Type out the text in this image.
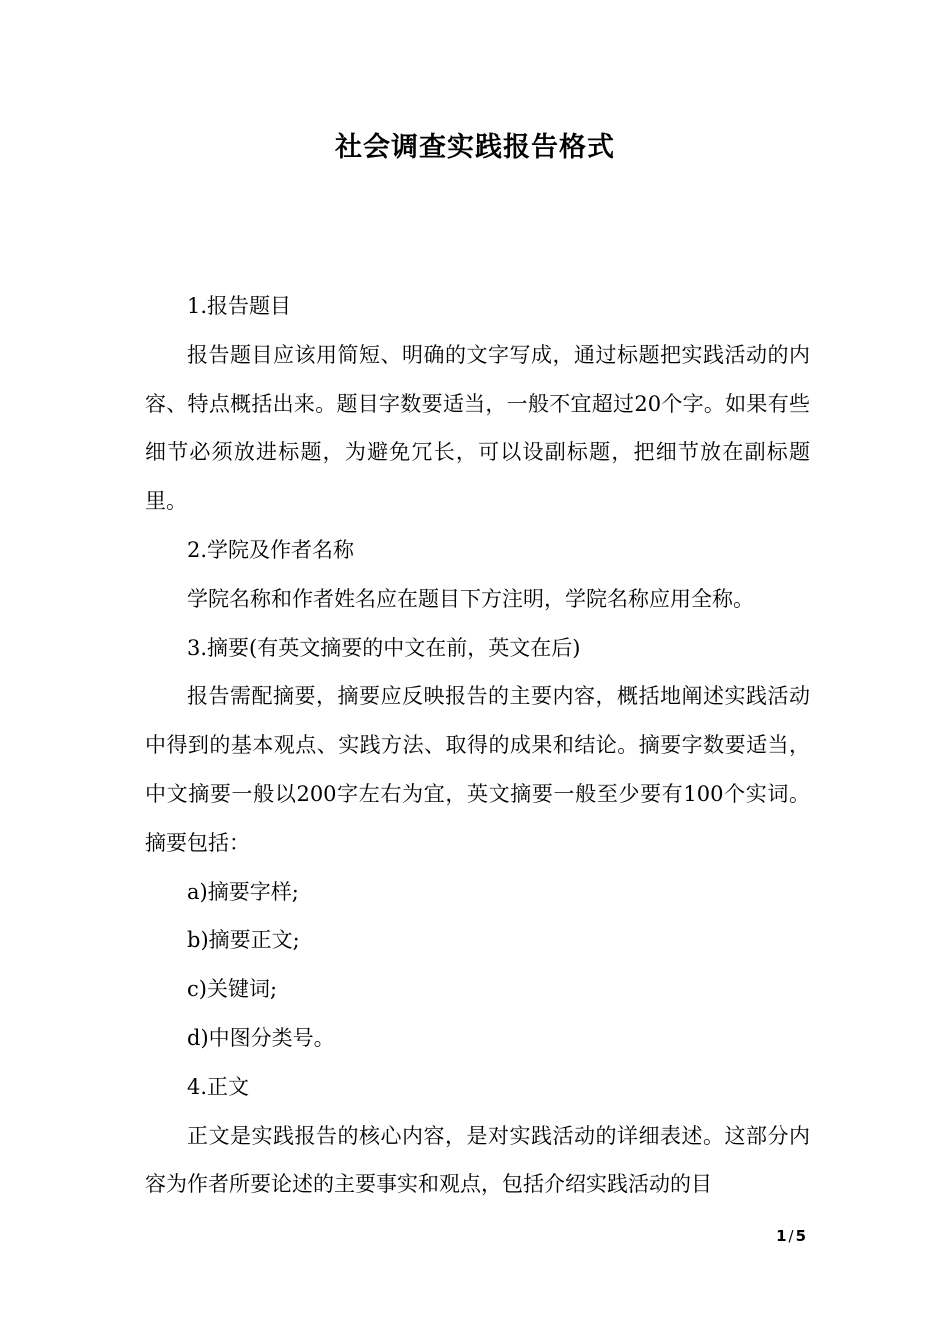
社会调查实践报告格式

1.报告题目

报告题目应该用简短、明确的文字写成，通过标题把实践活动的内容、特点概括出来。题目字数要适当，一般不宜超过20个字。如果有些细节必须放进标题，为避免冗长，可以设副标题，把细节放在副标题里。

2.学院及作者名称

学院名称和作者姓名应在题目下方注明，学院名称应用全称。

3.摘要(有英文摘要的中文在前，英文在后)

报告需配摘要，摘要应反映报告的主要内容，概括地阐述实践活动中得到的基本观点、实践方法、取得的成果和结论。摘要字数要适当，中文摘要一般以200字左右为宜，英文摘要一般至少要有100个实词。摘要包括：

a)摘要字样;

b)摘要正文;

c)关键词;

d)中图分类号。

4.正文

正文是实践报告的核心内容，是对实践活动的详细表述。这部分内容为作者所要论述的主要事实和观点，包括介绍实践活动的目

1 / 5
